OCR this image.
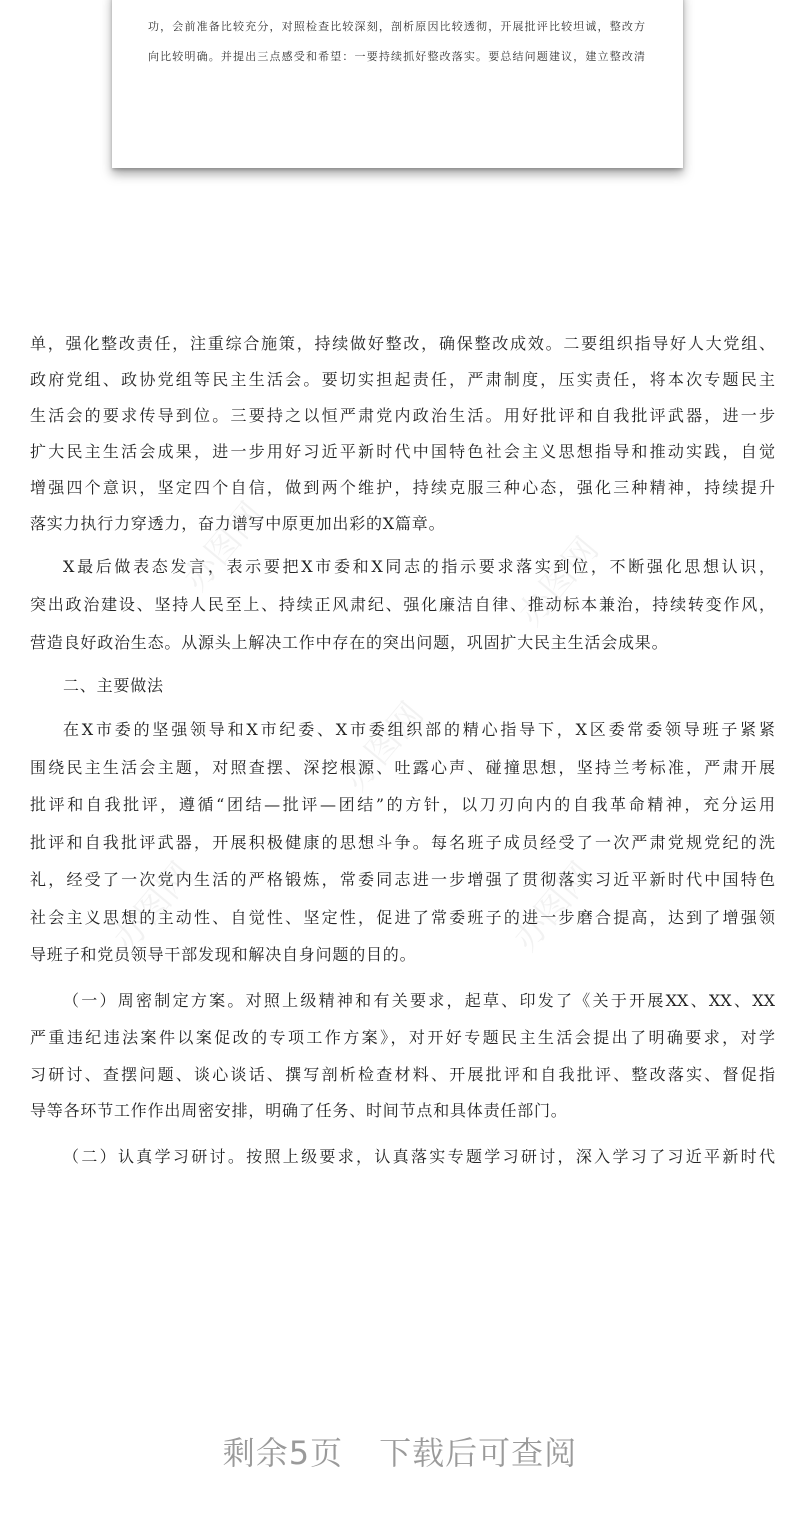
功，会前准备比较充分，对照检查比较深刻，剖析原因比较透彻，开展批评比较坦诚，整改方
向比较明确。并提出三点感受和希望：一要持续抓好整改落实。要总结问题建议，建立整改清
办图网	办图网
办图网
办图网	办图网
单，强化整改责任，注重综合施策，持续做好整改，确保整改成效。二要组织指导好人大党组、
政府党组、政协党组等民主生活会。要切实担起责任，严肃制度，压实责任，将本次专题民主
生活会的要求传导到位。三要持之以恒严肃党内政治生活。用好批评和自我批评武器，进一步
扩大民主生活会成果，进一步用好习近平新时代中国特色社会主义思想指导和推动实践，自觉
增强四个意识，坚定四个自信，做到两个维护，持续克服三种心态，强化三种精神，持续提升
落实力执行力穿透力，奋力谱写中原更加出彩的X篇章。
X最后做表态发言，表示要把X市委和X同志的指示要求落实到位，不断强化思想认识，
突出政治建设、坚持人民至上、持续正风肃纪、强化廉洁自律、推动标本兼治，持续转变作风，
营造良好政治生态。从源头上解决工作中存在的突出问题，巩固扩大民主生活会成果。
二、主要做法
在X市委的坚强领导和X市纪委、X市委组织部的精心指导下，X区委常委领导班子紧紧
围绕民主生活会主题，对照查摆、深挖根源、吐露心声、碰撞思想，坚持兰考标准，严肃开展
批评和自我批评，遵循“团结—批评—团结”的方针，以刀刃向内的自我革命精神，充分运用
批评和自我批评武器，开展积极健康的思想斗争。每名班子成员经受了一次严肃党规党纪的洗
礼，经受了一次党内生活的严格锻炼，常委同志进一步增强了贯彻落实习近平新时代中国特色
社会主义思想的主动性、自觉性、坚定性，促进了常委班子的进一步磨合提高，达到了增强领
导班子和党员领导干部发现和解决自身问题的目的。
（一）周密制定方案。对照上级精神和有关要求，起草、印发了《关于开展XX、XX、XX
严重违纪违法案件以案促改的专项工作方案》，对开好专题民主生活会提出了明确要求，对学
习研讨、查摆问题、谈心谈话、撰写剖析检查材料、开展批评和自我批评、整改落实、督促指
导等各环节工作作出周密安排，明确了任务、时间节点和具体责任部门。
（二）认真学习研讨。按照上级要求，认真落实专题学习研讨，深入学习了习近平新时代
剩余5页 下载后可查阅
